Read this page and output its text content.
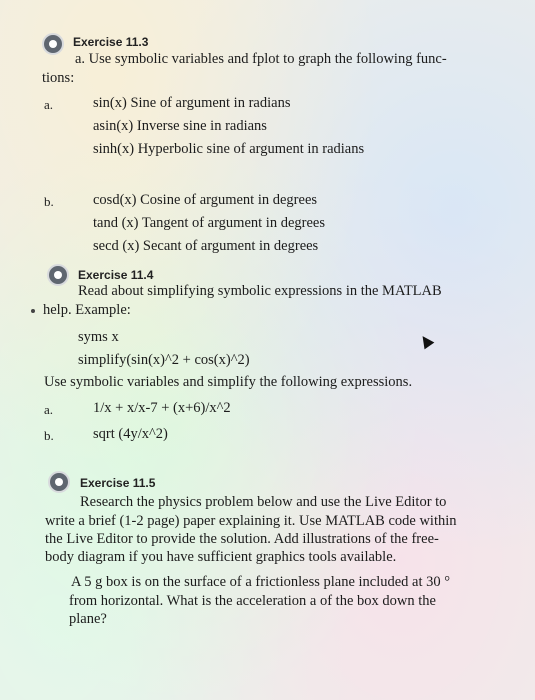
Exercise 11.3
a. Use symbolic variables and fplot to graph the following func-
tions:
a.	sin(x) Sine of argument in radians
asin(x) Inverse sine in radians
sinh(x) Hyperbolic sine of argument in radians
b.	cosd(x) Cosine of argument in degrees
tand (x) Tangent of argument in degrees
secd (x) Secant of argument in degrees
Exercise 11.4
Read about simplifying symbolic expressions in the MATLAB
help. Example:
syms x
simplify(sin(x)^2 + cos(x)^2)
Use symbolic variables and simplify the following expressions.
a.	1/x + x/x-7 + (x+6)/x^2
b.	sqrt (4y/x^2)
Exercise 11.5
Research the physics problem below and use the Live Editor to
write a brief (1-2 page) paper explaining it. Use MATLAB code within
the Live Editor to provide the solution. Add illustrations of the free-
body diagram if you have sufficient graphics tools available.
A 5 g box is on the surface of a frictionless plane included at 30 °
from horizontal. What is the acceleration a of the box down the
plane?
